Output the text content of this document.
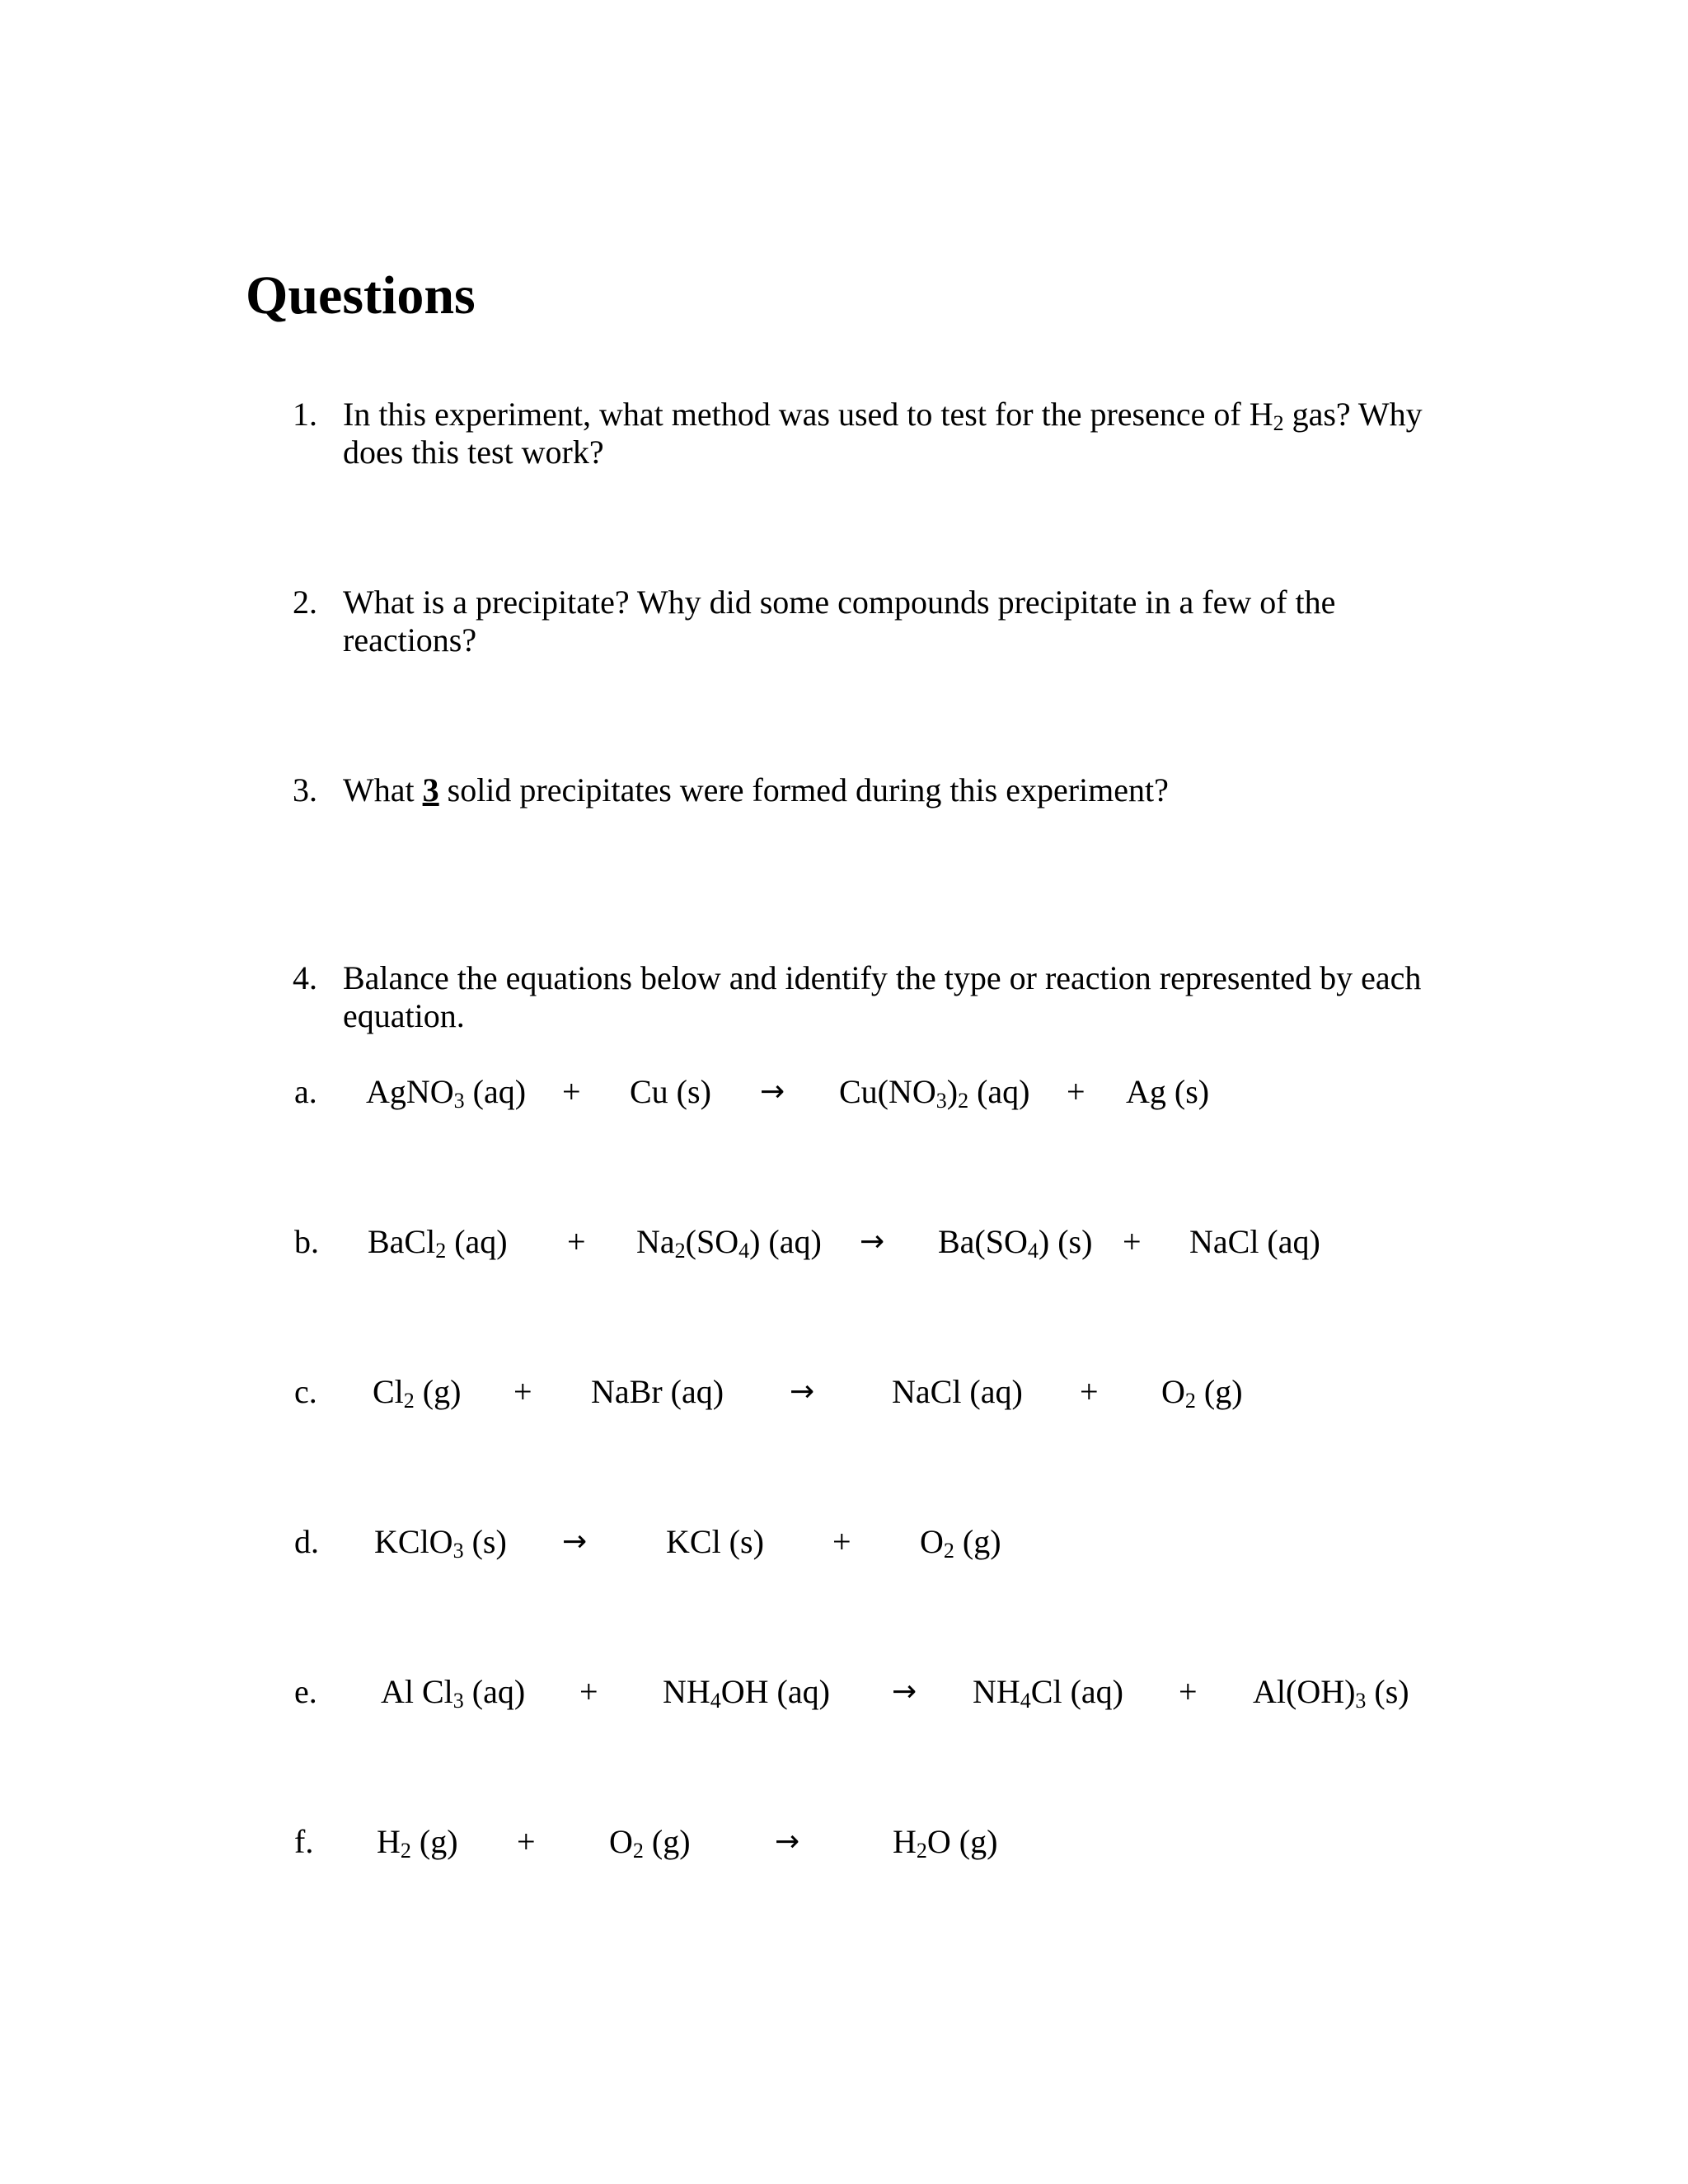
Questions
1. In this experiment, what method was used to test for the presence of $H_2$ gas? Why does this test work?
2. What is a precipitate? Why did some compounds precipitate in a few of the reactions?
3. What 3 solid precipitates were formed during this experiment?
4. Balance the equations below and identify the type or reaction represented by each equation.
a. AgNO$_3$ (aq) + Cu $(s) \to Cu(NO_3)_2$ (aq) + Ag (s)
b. BaCl$_2$ $(aq) + Na_2(SO_4) (aq) \to Ba(SO_4) (s)$ + NaCl (aq)
c. $Cl_2$ (g) + NaBr (aq) → NaCl $(aq) + O_2$ (g)
d. KClO$_3$ (s) → KCl $(s) + O_2$ (g)
e. Al $Cl_3$ $(aq) + NH_4OH$ $(aq) \to NH_4Cl$ $(aq) + Al(OH)_3$ (s)
f. $H_2$ $(g) + O_2$ (g)	→	$H_2O$ (g)
